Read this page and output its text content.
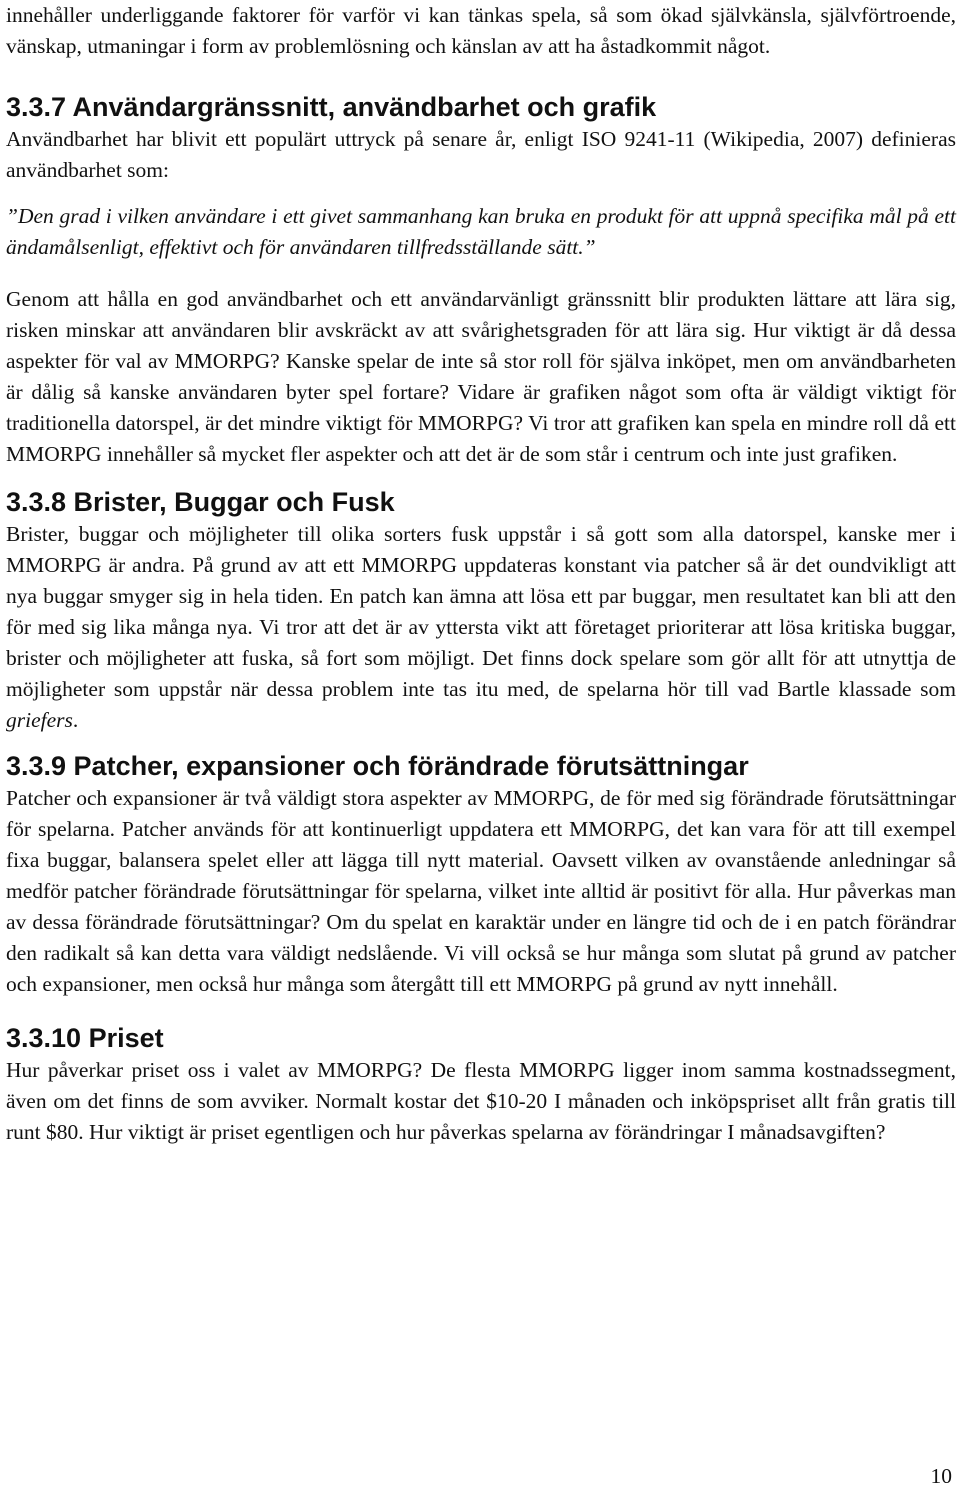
innehåller underliggande faktorer för varför vi kan tänkas spela, så som ökad självkänsla, självförtroende, vänskap, utmaningar i form av problemlösning och känslan av att ha åstadkommit något.

3.3.7 Användargränssnitt, användbarhet och grafik

Användbarhet har blivit ett populärt uttryck på senare år, enligt ISO 9241-11 (Wikipedia, 2007) definieras användbarhet som:

”Den grad i vilken användare i ett givet sammanhang kan bruka en produkt för att uppnå specifika mål på ett ändamålsenligt, effektivt och för användaren tillfredsställande sätt.”

Genom att hålla en god användbarhet och ett användarvänligt gränssnitt blir produkten lättare att lära sig, risken minskar att användaren blir avskräckt av att svårighetsgraden för att lära sig. Hur viktigt är då dessa aspekter för val av MMORPG? Kanske spelar de inte så stor roll för själva inköpet, men om användbarheten är dålig så kanske användaren byter spel fortare? Vidare är grafiken något som ofta är väldigt viktigt för traditionella datorspel, är det mindre viktigt för MMORPG? Vi tror att grafiken kan spela en mindre roll då ett MMORPG innehåller så mycket fler aspekter och att det är de som står i centrum och inte just grafiken.

3.3.8 Brister, Buggar och Fusk

Brister, buggar och möjligheter till olika sorters fusk uppstår i så gott som alla datorspel, kanske mer i MMORPG är andra. På grund av att ett MMORPG uppdateras konstant via patcher så är det oundvikligt att nya buggar smyger sig in hela tiden. En patch kan ämna att lösa ett par buggar, men resultatet kan bli att den för med sig lika många nya. Vi tror att det är av yttersta vikt att företaget prioriterar att lösa kritiska buggar, brister och möjligheter att fuska, så fort som möjligt. Det finns dock spelare som gör allt för att utnyttja de möjligheter som uppstår när dessa problem inte tas itu med, de spelarna hör till vad Bartle klassade som griefers.

3.3.9 Patcher, expansioner och förändrade förutsättningar

Patcher och expansioner är två väldigt stora aspekter av MMORPG, de för med sig förändrade förutsättningar för spelarna. Patcher används för att kontinuerligt uppdatera ett MMORPG, det kan vara för att till exempel fixa buggar, balansera spelet eller att lägga till nytt material. Oavsett vilken av ovanstående anledningar så medför patcher förändrade förutsättningar för spelarna, vilket inte alltid är positivt för alla. Hur påverkas man av dessa förändrade förutsättningar? Om du spelat en karaktär under en längre tid och de i en patch förändrar den radikalt så kan detta vara väldigt nedslående. Vi vill också se hur många som slutat på grund av patcher och expansioner, men också hur många som återgått till ett MMORPG på grund av nytt innehåll.

3.3.10 Priset

Hur påverkar priset oss i valet av MMORPG? De flesta MMORPG ligger inom samma kostnadssegment, även om det finns de som avviker. Normalt kostar det $10-20 I månaden och inköpspriset allt från gratis till runt $80. Hur viktigt är priset egentligen och hur påverkas spelarna av förändringar I månadsavgiften?

10
